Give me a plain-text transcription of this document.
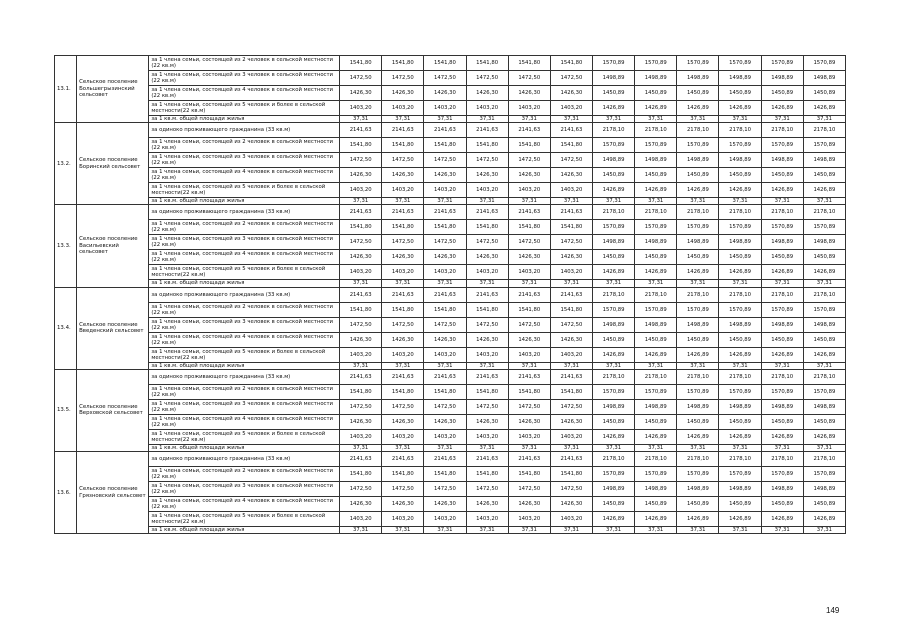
13.1.	Сельское поселение Большегрызинский сельсовет	за 1 члена семьи, состоящей из 2 человек в сельской местности (22 кв.м)	1541,80	1541,80	1541,80	1541,80	1541,80	1541,80	1570,89	1570,89	1570,89	1570,89	1570,89	1570,89
		за 1 члена семьи, состоящей из 3 человек в сельской местности (22 кв.м)	1472,50	1472,50	1472,50	1472,50	1472,50	1472,50	1498,89	1498,89	1498,89	1498,89	1498,89	1498,89
		за 1 члена семьи, состоящей из 4 человек в сельской местности (22 кв.м)	1426,30	1426,30	1426,30	1426,30	1426,30	1426,30	1450,89	1450,89	1450,89	1450,89	1450,89	1450,89
		за 1 члена семьи, состоящей из 5 человек и более в сельской местности(22 кв.м)	1403,20	1403,20	1403,20	1403,20	1403,20	1403,20	1426,89	1426,89	1426,89	1426,89	1426,89	1426,89
		за 1 кв.м. общей площади жилья	37,31	37,31	37,31	37,31	37,31	37,31	37,31	37,31	37,31	37,31	37,31	37,31
13.2.	Сельское поселение Боринский сельсовет	за одиноко проживающего гражданина (33 кв.м)	2141,63	2141,63	2141,63	2141,63	2141,63	2141,63	2178,10	2178,10	2178,10	2178,10	2178,10	2178,10
		за 1 члена семьи, состоящей из 2 человек в сельской местности (22 кв.м)	1541,80	1541,80	1541,80	1541,80	1541,80	1541,80	1570,89	1570,89	1570,89	1570,89	1570,89	1570,89
		за 1 члена семьи, состоящей из 3 человек в сельской местности (22 кв.м)	1472,50	1472,50	1472,50	1472,50	1472,50	1472,50	1498,89	1498,89	1498,89	1498,89	1498,89	1498,89
		за 1 члена семьи, состоящей из 4 человек в сельской местности (22 кв.м)	1426,30	1426,30	1426,30	1426,30	1426,30	1426,30	1450,89	1450,89	1450,89	1450,89	1450,89	1450,89
		за 1 члена семьи, состоящей из 5 человек и более в сельской местности(22 кв.м)	1403,20	1403,20	1403,20	1403,20	1403,20	1403,20	1426,89	1426,89	1426,89	1426,89	1426,89	1426,89
		за 1 кв.м. общей площади жилья	37,31	37,31	37,31	37,31	37,31	37,31	37,31	37,31	37,31	37,31	37,31	37,31
13.3.	Сельское поселение Васильевский сельсовет	за одиноко проживающего гражданина (33 кв.м)	2141,63	2141,63	2141,63	2141,63	2141,63	2141,63	2178,10	2178,10	2178,10	2178,10	2178,10	2178,10
		за 1 члена семьи, состоящей из 2 человек в сельской местности (22 кв.м)	1541,80	1541,80	1541,80	1541,80	1541,80	1541,80	1570,89	1570,89	1570,89	1570,89	1570,89	1570,89
		за 1 члена семьи, состоящей из 3 человек в сельской местности (22 кв.м)	1472,50	1472,50	1472,50	1472,50	1472,50	1472,50	1498,89	1498,89	1498,89	1498,89	1498,89	1498,89
		за 1 члена семьи, состоящей из 4 человек в сельской местности (22 кв.м)	1426,30	1426,30	1426,30	1426,30	1426,30	1426,30	1450,89	1450,89	1450,89	1450,89	1450,89	1450,89
		за 1 члена семьи, состоящей из 5 человек и более в сельской местности(22 кв.м)	1403,20	1403,20	1403,20	1403,20	1403,20	1403,20	1426,89	1426,89	1426,89	1426,89	1426,89	1426,89
		за 1 кв.м. общей площади жилья	37,31	37,31	37,31	37,31	37,31	37,31	37,31	37,31	37,31	37,31	37,31	37,31
13.4.	Сельское поселение Введенский сельсовет	за одиноко проживающего гражданина (33 кв.м)	2141,63	2141,63	2141,63	2141,63	2141,63	2141,63	2178,10	2178,10	2178,10	2178,10	2178,10	2178,10
		за 1 члена семьи, состоящей из 2 человек в сельской местности (22 кв.м)	1541,80	1541,80	1541,80	1541,80	1541,80	1541,80	1570,89	1570,89	1570,89	1570,89	1570,89	1570,89
		за 1 члена семьи, состоящей из 3 человек в сельской местности (22 кв.м)	1472,50	1472,50	1472,50	1472,50	1472,50	1472,50	1498,89	1498,89	1498,89	1498,89	1498,89	1498,89
		за 1 члена семьи, состоящей из 4 человек в сельской местности (22 кв.м)	1426,30	1426,30	1426,30	1426,30	1426,30	1426,30	1450,89	1450,89	1450,89	1450,89	1450,89	1450,89
		за 1 члена семьи, состоящей из 5 человек и более в сельской местности(22 кв.м)	1403,20	1403,20	1403,20	1403,20	1403,20	1403,20	1426,89	1426,89	1426,89	1426,89	1426,89	1426,89
		за 1 кв.м. общей площади жилья	37,31	37,31	37,31	37,31	37,31	37,31	37,31	37,31	37,31	37,31	37,31	37,31
13.5.	Сельское поселение Верховской сельсовет	за одиноко проживающего гражданина (33 кв.м)	2141,63	2141,63	2141,63	2141,63	2141,63	2141,63	2178,10	2178,10	2178,10	2178,10	2178,10	2178,10
		за 1 члена семьи, состоящей из 2 человек в сельской местности (22 кв.м)	1541,80	1541,80	1541,80	1541,80	1541,80	1541,80	1570,89	1570,89	1570,89	1570,89	1570,89	1570,89
		за 1 члена семьи, состоящей из 3 человек в сельской местности (22 кв.м)	1472,50	1472,50	1472,50	1472,50	1472,50	1472,50	1498,89	1498,89	1498,89	1498,89	1498,89	1498,89
		за 1 члена семьи, состоящей из 4 человек в сельской местности (22 кв.м)	1426,30	1426,30	1426,30	1426,30	1426,30	1426,30	1450,89	1450,89	1450,89	1450,89	1450,89	1450,89
		за 1 члена семьи, состоящей из 5 человек и более в сельской местности(22 кв.м)	1403,20	1403,20	1403,20	1403,20	1403,20	1403,20	1426,89	1426,89	1426,89	1426,89	1426,89	1426,89
		за 1 кв.м. общей площади жилья	37,31	37,31	37,31	37,31	37,31	37,31	37,31	37,31	37,31	37,31	37,31	37,31
13.6.	Сельское поселение Грязновский сельсовет	за одиноко проживающего гражданина (33 кв.м)	2141,63	2141,63	2141,63	2141,63	2141,63	2141,63	2178,10	2178,10	2178,10	2178,10	2178,10	2178,10
		за 1 члена семьи, состоящей из 2 человек в сельской местности (22 кв.м)	1541,80	1541,80	1541,80	1541,80	1541,80	1541,80	1570,89	1570,89	1570,89	1570,89	1570,89	1570,89
		за 1 члена семьи, состоящей из 3 человек в сельской местности (22 кв.м)	1472,50	1472,50	1472,50	1472,50	1472,50	1472,50	1498,89	1498,89	1498,89	1498,89	1498,89	1498,89
		за 1 члена семьи, состоящей из 4 человек в сельской местности (22 кв.м)	1426,30	1426,30	1426,30	1426,30	1426,30	1426,30	1450,89	1450,89	1450,89	1450,89	1450,89	1450,89
		за 1 члена семьи, состоящей из 5 человек и более в сельской местности(22 кв.м)	1403,20	1403,20	1403,20	1403,20	1403,20	1403,20	1426,89	1426,89	1426,89	1426,89	1426,89	1426,89
		за 1 кв.м. общей площади жилья	37,31	37,31	37,31	37,31	37,31	37,31	37,31	37,31	37,31	37,31	37,31	37,31
149
